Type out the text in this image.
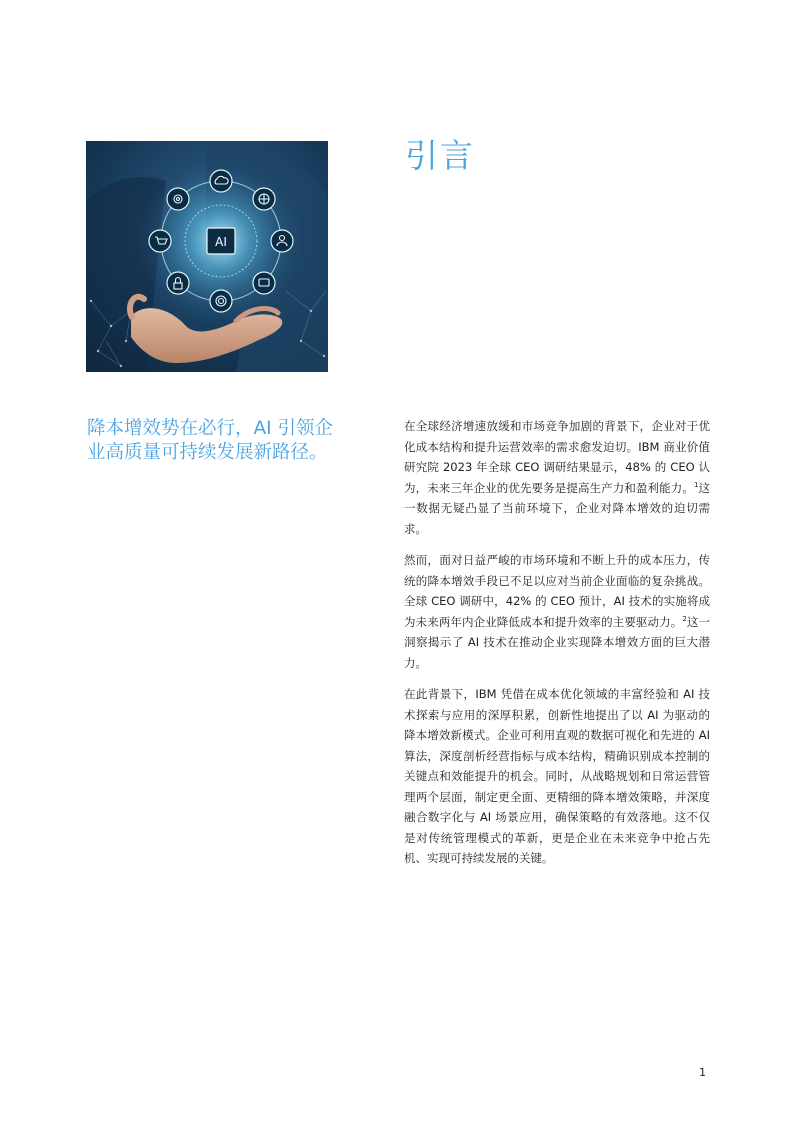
AI
引言
降本增效势在必行，AI 引领企业高质量可持续发展新路径。

在全球经济增速放缓和市场竞争加剧的背景下，企业对于优化成本结构和提升运营效率的需求愈发迫切。IBM 商业价值研究院 2023 年全球 CEO 调研结果显示，48% 的 CEO 认为，未来三年企业的优先要务是提高生产力和盈利能力。$^1$这一数据无疑凸显了当前环境下，企业对降本增效的迫切需求。

然而，面对日益严峻的市场环境和不断上升的成本压力，传统的降本增效手段已不足以应对当前企业面临的复杂挑战。全球 CEO 调研中，42% 的 CEO 预计，AI 技术的实施将成为未来两年内企业降低成本和提升效率的主要驱动力。$^2$这一洞察揭示了 AI 技术在推动企业实现降本增效方面的巨大潜力。

在此背景下，IBM 凭借在成本优化领域的丰富经验和 AI 技术探索与应用的深厚积累，创新性地提出了以 AI 为驱动的降本增效新模式。企业可利用直观的数据可视化和先进的 AI 算法，深度剖析经营指标与成本结构，精确识别成本控制的关键点和效能提升的机会。同时，从战略规划和日常运营管理两个层面，制定更全面、更精细的降本增效策略，并深度融合数字化与 AI 场景应用，确保策略的有效落地。这不仅是对传统管理模式的革新，更是企业在未来竞争中抢占先机、实现可持续发展的关键。

1
